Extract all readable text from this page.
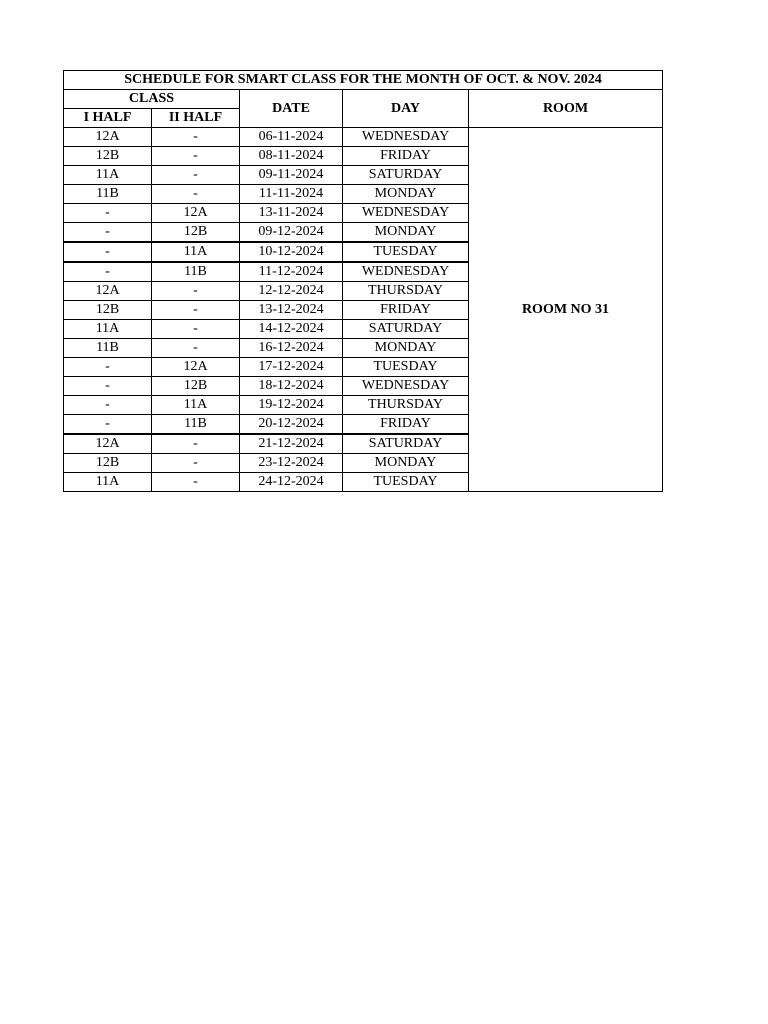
SCHEDULE FOR SMART CLASS FOR THE MONTH OF OCT. & NOV. 2024				
CLASS		DATE	DAY	ROOM
I HALF	II HALF			
12A	-	06-11-2024	WEDNESDAY	ROOM NO 31
12B	-	08-11-2024	FRIDAY	
11A	-	09-11-2024	SATURDAY	
11B	-	11-11-2024	MONDAY	
-	12A	13-11-2024	WEDNESDAY	
-	12B	09-12-2024	MONDAY	
-	11A	10-12-2024	TUESDAY	
-	11B	11-12-2024	WEDNESDAY	
12A	-	12-12-2024	THURSDAY	
12B	-	13-12-2024	FRIDAY	
11A	-	14-12-2024	SATURDAY	
11B	-	16-12-2024	MONDAY	
-	12A	17-12-2024	TUESDAY	
-	12B	18-12-2024	WEDNESDAY	
-	11A	19-12-2024	THURSDAY	
-	11B	20-12-2024	FRIDAY	
12A	-	21-12-2024	SATURDAY	
12B	-	23-12-2024	MONDAY	
11A	-	24-12-2024	TUESDAY	
